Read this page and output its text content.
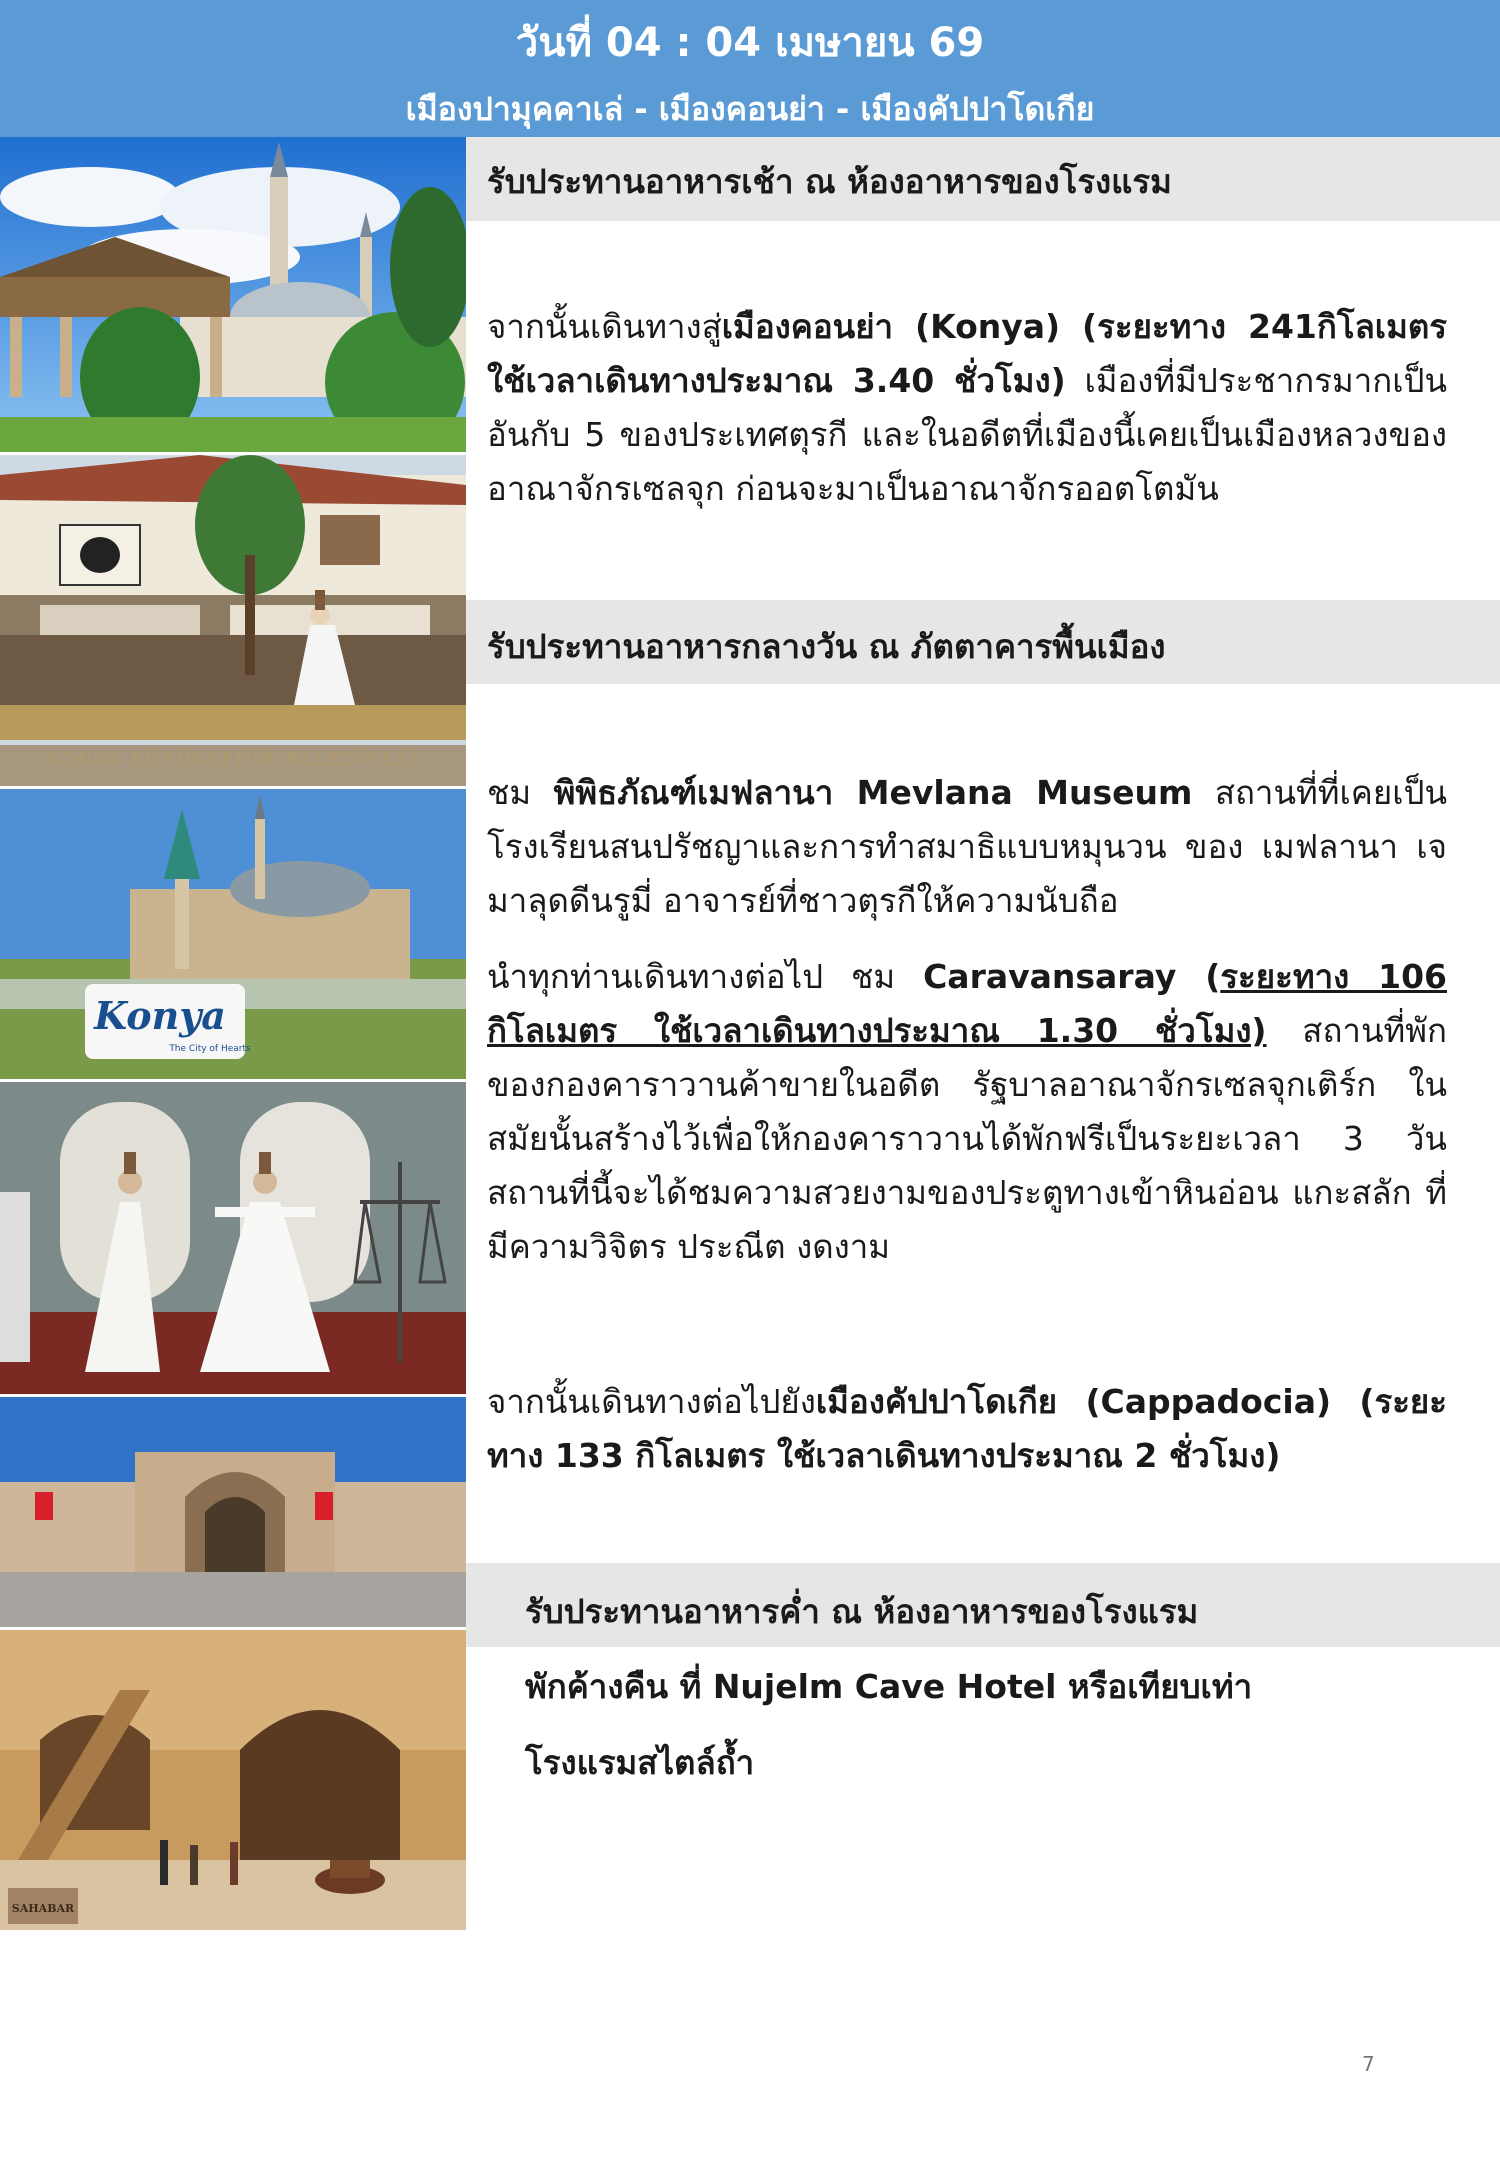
วันที่ 04 : 04 เมษายน 69
เมืองปามุคคาเล่ - เมืองคอนย่า - เมืองคัปปาโดเกีย
Konya
The City of Hearts
SAHABAR
รับประทานอาหารเช้า ณ ห้องอาหารของโรงแรม
จากนั้นเดินทางสู่เมืองคอนย่า (Konya) (ระยะทาง 241กิโลเมตร ใช้เวลาเดินทางประมาณ 3.40 ชั่วโมง) เมืองที่มีประชากรมากเป็นอันกับ 5 ของประเทศตุรกี และในอดีตที่เมืองนี้เคยเป็นเมืองหลวงของอาณาจักรเซลจุก ก่อนจะมาเป็นอาณาจักรออตโตมัน
รับประทานอาหารกลางวัน ณ ภัตตาคารพื้นเมือง
ชม พิพิธภัณฑ์เมฟลานา Mevlana Museum สถานที่ที่เคยเป็นโรงเรียนสนปรัชญาและการทำสมาธิแบบหมุนวน ของ เมฟลานา เจมาลุดดีนรูมี่ อาจารย์ที่ชาวตุรกีให้ความนับถือ
นำทุกท่านเดินทางต่อไป ชม Caravansaray (ระยะทาง 106 กิโลเมตร ใช้เวลาเดินทางประมาณ 1.30 ชั่วโมง) สถานที่พักของกองคาราวานค้าขายในอดีต รัฐบาลอาณาจักรเซลจุกเติร์ก ในสมัยนั้นสร้างไว้เพื่อให้กองคาราวานได้พักฟรีเป็นระยะเวลา 3 วัน สถานที่นี้จะได้ชมความสวยงามของประตูทางเข้าหินอ่อน แกะสลัก ที่มีความวิจิตร ประณีต งดงาม
จากนั้นเดินทางต่อไปยังเมืองคัปปาโดเกีย (Cappadocia) (ระยะทาง 133 กิโลเมตร ใช้เวลาเดินทางประมาณ 2 ชั่วโมง)
รับประทานอาหารค่ำ ณ ห้องอาหารของโรงแรม
พักค้างคืน ที่ Nujelm Cave Hotel หรือเทียบเท่า
โรงแรมสไตล์ถ้ำ
7
